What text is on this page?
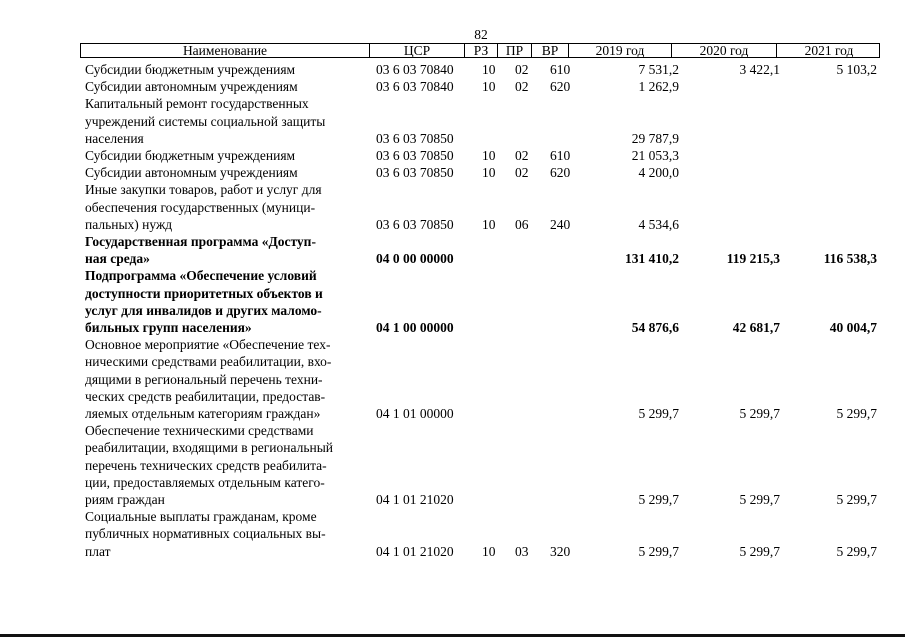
82
Наименование	ЦСР	РЗ	ПР	ВР	2019 год	2020 год	2021 год
Субсидии бюджетным учреждениям	03 6 03 70840 10 02 610	7 531,2	3 422,1	5 103,2
Субсидии автономным учреждениям	03 6 03 70840 10 02 620	1 262,9
Капитальный ремонт государственных
учреждений системы социальной защиты
населения	03 6 03 70850	29 787,9
Субсидии бюджетным учреждениям	03 6 03 70850 10 02 610	21 053,3
Субсидии автономным учреждениям	03 6 03 70850 10 02 620	4 200,0
Иные закупки товаров, работ и услуг для
обеспечения государственных (муници-
пальных) нужд	03 6 03 70850 10 06 240	4 534,6
Государственная программа «Доступ-
ная среда»	04 0 00 00000	131 410,2	119 215,3	116 538,3
Подпрограмма «Обеспечение условий
доступности приоритетных объектов и
услуг для инвалидов и других маломо-
бильных групп населения»	04 1 00 00000	54 876,6	42 681,7	40 004,7
Основное мероприятие «Обеспечение тех-
ническими средствами реабилитации, вхо-
дящими в региональный перечень техни-
ческих средств реабилитации, предостав-
ляемых отдельным категориям граждан»	04 1 01 00000	5 299,7	5 299,7	5 299,7
Обеспечение техническими средствами
реабилитации, входящими в региональный
перечень технических средств реабилита-
ции, предоставляемых отдельным катего-
риям граждан	04 1 01 21020	5 299,7	5 299,7	5 299,7
Социальные выплаты гражданам, кроме
публичных нормативных социальных вы-
плат	04 1 01 21020 10 03 320	5 299,7	5 299,7	5 299,7
